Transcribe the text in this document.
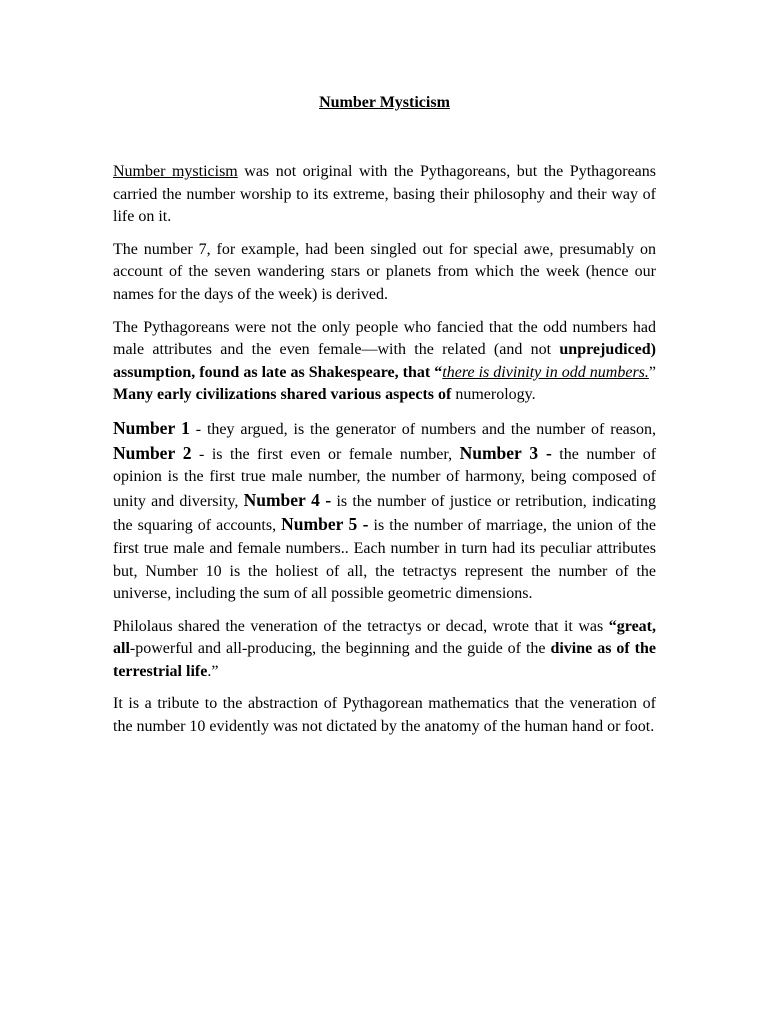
Number Mysticism

Number mysticism was not original with the Pythagoreans, but the Pythagoreans carried the number worship to its extreme, basing their philosophy and their way of life on it.

The number 7, for example, had been singled out for special awe, presumably on account of the seven wandering stars or planets from which the week (hence our names for the days of the week) is derived.

The Pythagoreans were not the only people who fancied that the odd numbers had male attributes and the even female—with the related (and not unprejudiced) assumption, found as late as Shakespeare, that “there is divinity in odd numbers.” Many early civilizations shared various aspects of numerology.

Number 1 - they argued, is the generator of numbers and the number of reason, Number 2 - is the first even or female number, Number 3 - the number of opinion is the first true male number, the number of harmony, being composed of unity and diversity, Number 4 - is the number of justice or retribution, indicating the squaring of accounts, Number 5 - is the number of marriage, the union of the first true male and female numbers.. Each number in turn had its peculiar attributes but, Number 10 is the holiest of all, the tetractys represent the number of the universe, including the sum of all possible geometric dimensions.

Philolaus shared the veneration of the tetractys or decad, wrote that it was “great, all-powerful and all-producing, the beginning and the guide of the divine as of the terrestrial life.”

It is a tribute to the abstraction of Pythagorean mathematics that the veneration of the number 10 evidently was not dictated by the anatomy of the human hand or foot.
